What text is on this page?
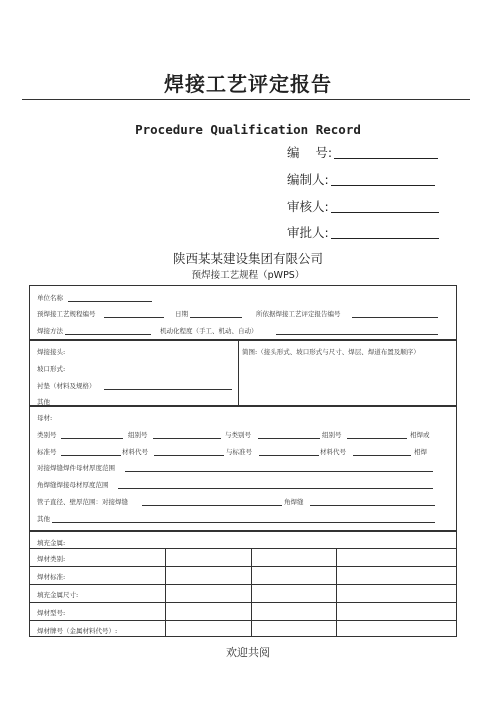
焊接工艺评定报告
Procedure Qualification Record
编    号:
编制人:
审核人:
审批人:
陕西某某建设集团有限公司
预焊接工艺规程（pWPS）
单位名称
预焊接工艺规程编号	日期	所依据焊接工艺评定报告编号
焊接方法	机动化程度（手工、机动、自动）
焊接接头:
坡口形式:
衬垫（材料及规格）
其他
简图:（接头形式、坡口形式与尺寸、焊层、焊道布置及顺序）
母材:
类别号	组别号	与类别号	组别号	相焊或
标准号	材料代号	与标准号	材料代号	相焊
对接焊缝焊件母材厚度范围
角焊缝焊接母材厚度范围
管子直径、壁厚范围：对接焊缝	角焊缝
其他
填充金属:
焊材类别:
焊材标准:
填充金属尺寸:
焊材型号:
焊材牌号（金属材料代号）:
欢迎共阅
